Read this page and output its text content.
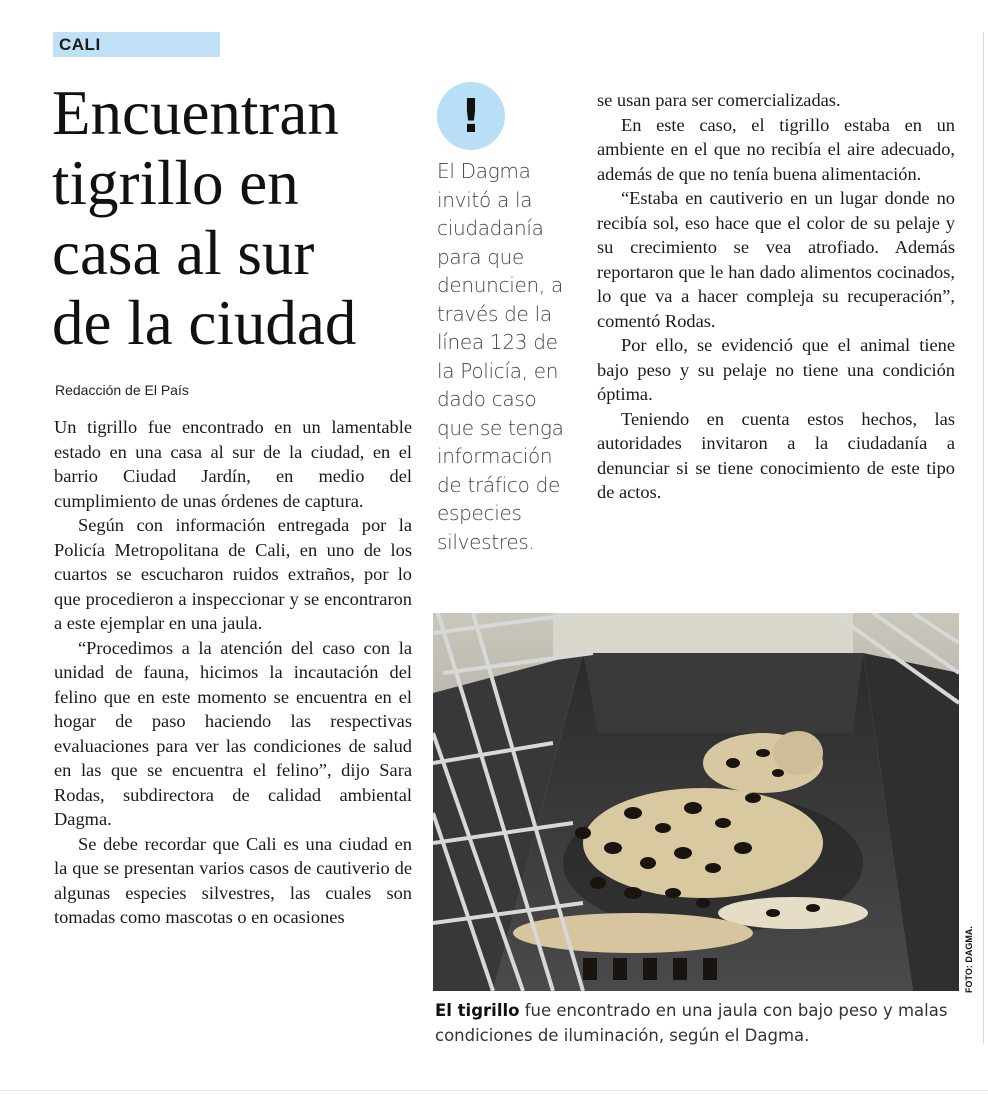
CALI
Encuentran
tigrillo en
casa al sur
de la ciudad
Redacción de El País

Un tigrillo fue encontrado en un lamentable estado en una casa al sur de la ciudad, en el barrio Ciudad Jardín, en medio del cumplimiento de unas órdenes de captura.

Según con información entregada por la Policía Metropolitana de Cali, en uno de los cuartos se escucharon ruidos extraños, por lo que procedieron a inspeccionar y se encontraron a este ejemplar en una jaula.

“Procedimos a la atención del caso con la unidad de fauna, hicimos la incautación del felino que en este momento se encuentra en el hogar de paso haciendo las respectivas evaluaciones para ver las condiciones de salud en las que se encuentra el felino”, dijo Sara Rodas, subdirectora de calidad ambiental Dagma.

Se debe recordar que Cali es una ciudad en la que se presentan varios casos de cautiverio de algunas especies silvestres, las cuales son tomadas como mascotas o en ocasiones

!
El Dagma invitó a la ciudadanía para que denuncien, a través de la línea 123 de la Policía, en dado caso que se tenga información de tráfico de especies silvestres.

se usan para ser comercializadas.

En este caso, el tigrillo estaba en un ambiente en el que no recibía el aire adecuado, además de que no tenía buena alimentación.

“Estaba en cautiverio en un lugar donde no recibía sol, eso hace que el color de su pelaje y su crecimiento se vea atrofiado. Además reportaron que le han dado alimentos cocinados, lo que va a hacer compleja su recuperación”, comentó Rodas.

Por ello, se evidenció que el animal tiene bajo peso y su pelaje no tiene una condición óptima.

Teniendo en cuenta estos hechos, las autoridades invitaron a la ciudadanía a denunciar si se tiene conocimiento de este tipo de actos.

FOTO: DAGMA.
El tigrillo fue encontrado en una jaula con bajo peso y malas condiciones de iluminación, según el Dagma.
